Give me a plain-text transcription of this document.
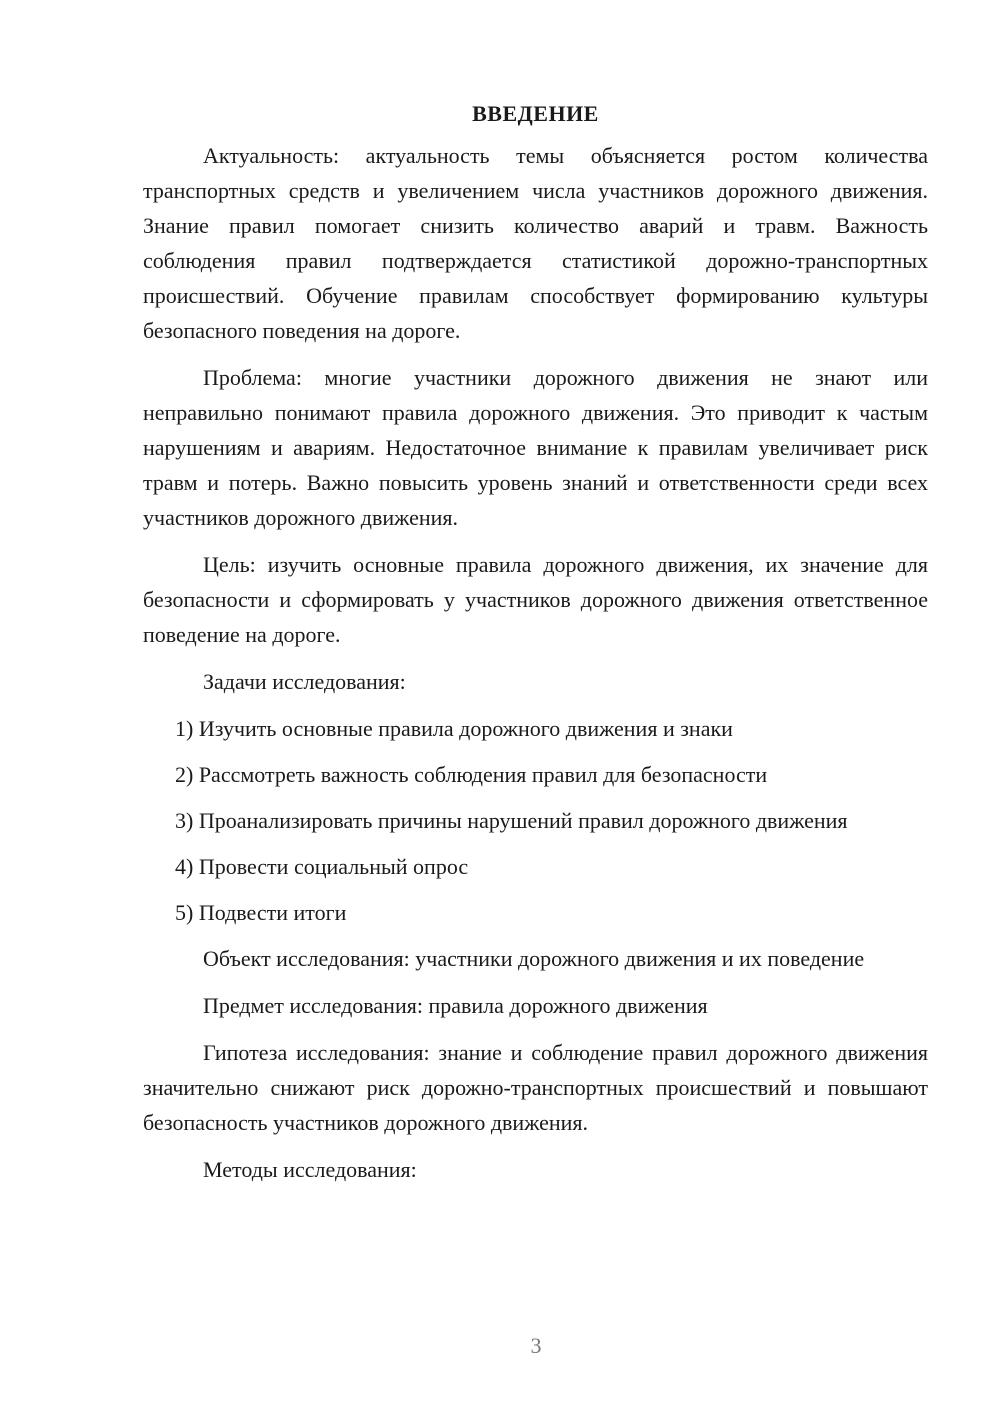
ВВЕДЕНИЕ

Актуальность: актуальность темы объясняется ростом количества транспортных средств и увеличением числа участников дорожного движения. Знание правил помогает снизить количество аварий и травм. Важность соблюдения правил подтверждается статистикой дорожно-транспортных происшествий. Обучение правилам способствует формированию культуры безопасного поведения на дороге.

Проблема: многие участники дорожного движения не знают или неправильно понимают правила дорожного движения. Это приводит к частым нарушениям и авариям. Недостаточное внимание к правилам увеличивает риск травм и потерь. Важно повысить уровень знаний и ответственности среди всех участников дорожного движения.

Цель: изучить основные правила дорожного движения, их значение для безопасности и сформировать у участников дорожного движения ответственное поведение на дороге.

Задачи исследования:

1) Изучить основные правила дорожного движения и знаки

2) Рассмотреть важность соблюдения правил для безопасности

3) Проанализировать причины нарушений правил дорожного движения

4) Провести социальный опрос

5) Подвести итоги

Объект исследования: участники дорожного движения и их поведение

Предмет исследования: правила дорожного движения

Гипотеза исследования: знание и соблюдение правил дорожного движения значительно снижают риск дорожно-транспортных происшествий и повышают безопасность участников дорожного движения.

Методы исследования:

3
